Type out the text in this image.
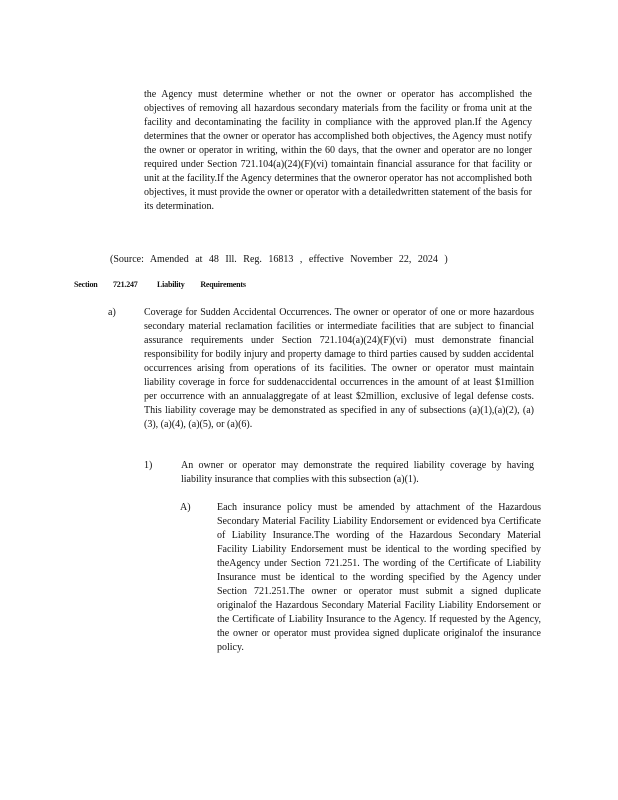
the Agency must determine whether or not the owner or operator has accomplished the objectives of removing all hazardous secondary materials from the facility or froma unit at the facility and decontaminating the facility in compliance with the approved plan.If the Agency determines that the owner or operator has accomplished both objectives, the Agency must notify the owner or operator in writing, within the 60 days, that the owner and operator are no longer required under Section 721.104(a)(24)(F)(vi) tomaintain financial assurance for that facility or unit at the facility.If the Agency determines that the owneror operator has not accomplished both objectives, it must provide the owner or operator with a detailedwritten statement of the basis for its determination.

(Source: Amended at 48 Ill. Reg. 16813 , effective November 22, 2024 )

Section 721.247 Liability Requirements
a)	Coverage for Sudden Accidental Occurrences. The owner or operator of one or more hazardous secondary material reclamation facilities or intermediate facilities that are subject to financial assurance requirements under Section 721.104(a)(24)(F)(vi) must demonstrate financial responsibility for bodily injury and property damage to third parties caused by sudden accidental occurrences arising from operations of its facilities. The owner or operator must maintain liability coverage in force for suddenaccidental occurrences in the amount of at least $1million per occurrence with an annualaggregate of at least $2million, exclusive of legal defense costs. This liability coverage may be demonstrated as specified in any of subsections (a)(1),(a)(2), (a)(3), (a)(4), (a)(5), or (a)(6).

1)	An owner or operator may demonstrate the required liability coverage by having liability insurance that complies with this subsection (a)(1).

A)	Each insurance policy must be amended by attachment of the Hazardous Secondary Material Facility Liability Endorsement or evidenced bya Certificate of Liability Insurance.The wording of the Hazardous Secondary Material Facility Liability Endorsement must be identical to the wording specified by theAgency under Section 721.251. The wording of the Certificate of Liability Insurance must be identical to the wording specified by the Agency under Section 721.251.The owner or operator must submit a signed duplicate originalof the Hazardous Secondary Material Facility Liability Endorsement or the Certificate of Liability Insurance to the Agency. If requested by the Agency, the owner or operator must providea signed duplicate originalof the insurance policy.
